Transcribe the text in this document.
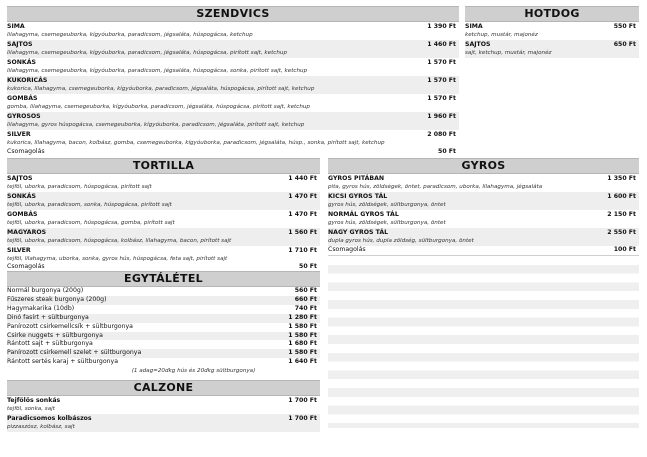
SZENDVICS
SIMA	1 390 Ft
lilahagyma, csemegeuborka, kígyóuborka, paradicsom, jégsaláta, húspogácsa, ketchup
SAJTOS	1 460 Ft
lilahagyma, csemegeuborka, kígyóuborka, paradicsom, jégsaláta, húspogácsa, pirított sajt, ketchup
SONKÁS	1 570 Ft
lilahagyma, csemegeuborka, kígyóuborka, paradicsom, jégsaláta, húspogácsa, sonka, pirított sajt, ketchup
KUKORICÁS	1 570 Ft
kukorica, lilahagyma, csemegeuborka, kígyóuborka, paradicsom, jégsaláta, húspogácsa, pirított sajt, ketchup
GOMBÁS	1 570 Ft
gomba, lilahagyma, csemegeuborka, kígyóuborka, paradicsom, jégsaláta, húspogácsa, pirított sajt, ketchup
GYROSOS	1 960 Ft
lilahagyma, gyros húspogácsa, csemegeuborka, kígyóuborka, paradicsom, jégsaláta, pirított sajt, ketchup
SILVER	2 080 Ft
kukorica, lilahagyma, bacon, kolbász, gomba, csemegeuborka, kígyóuborka, paradicsom, jégsaláta, húsp., sonka, pirított sajt, ketchup
Csomagolás	50 Ft
HOTDOG
SIMA	550 Ft
ketchup, mustár, majonéz
SAJTOS	650 Ft
sajt, ketchup, mustár, majonéz
TORTILLA
SAJTOS	1 440 Ft
tejföl, uborka, paradicsom, húspogácsa, pirított sajt
SONKÁS	1 470 Ft
tejföl, uborka, paradicsom, sonka, húspogácsa, pirított sajt
GOMBÁS	1 470 Ft
tejföl, uborka, paradicsom, húspogácsa, gomba, pirított sajt
MAGYAROS	1 560 Ft
tejföl, uborka, paradicsom, húspogácsa, kolbász, lilahagyma, bacon, pirított sajt
SILVER	1 710 Ft
tejföl, lilahagyma, uborka, sonka, gyros hús, húspogácsa, feta sajt, pirított sajt
Csomagolás	50 Ft
GYROS
GYROS PITÁBAN	1 350 Ft
pita, gyros hús, zöldségek, öntet, paradicsom, uborka, lilahagyma, jégsaláta
KICSI GYROS TÁL	1 600 Ft
gyros hús, zöldségek, sültburgonya, öntet
NORMÁL GYROS TÁL	2 150 Ft
gyros hús, zöldségek, sültburgonya, öntet
NAGY GYROS TÁL	2 550 Ft
dupla gyros hús, dupla zöldség, sültburgonya, öntet
Csomagolás	100 Ft
EGYTÁLÉTEL
Normál burgonya (200g)	560 Ft
Fűszeres steak burgonya (200g)	660 Ft
Hagymakarika (10db)	740 Ft
Dinó fasírt + sültburgonya	1 280 Ft
Panírozott csirkemellcsík + sültburgonya	1 580 Ft
Csirke nuggets + sültburgonya	1 580 Ft
Rántott sajt + sültburgonya	1 680 Ft
Panírozott csirkemell szelet + sültburgonya	1 580 Ft
Rántott sertés karaj + sültburgonya	1 640 Ft
(1 adag=20dkg hús és 20dkg sültburgonya)
CALZONE
Tejfölös sonkás	1 700 Ft
tejföl, sonka, sajt
Paradicsomos kolbászos	1 700 Ft
pizzaszósz, kolbász, sajt
